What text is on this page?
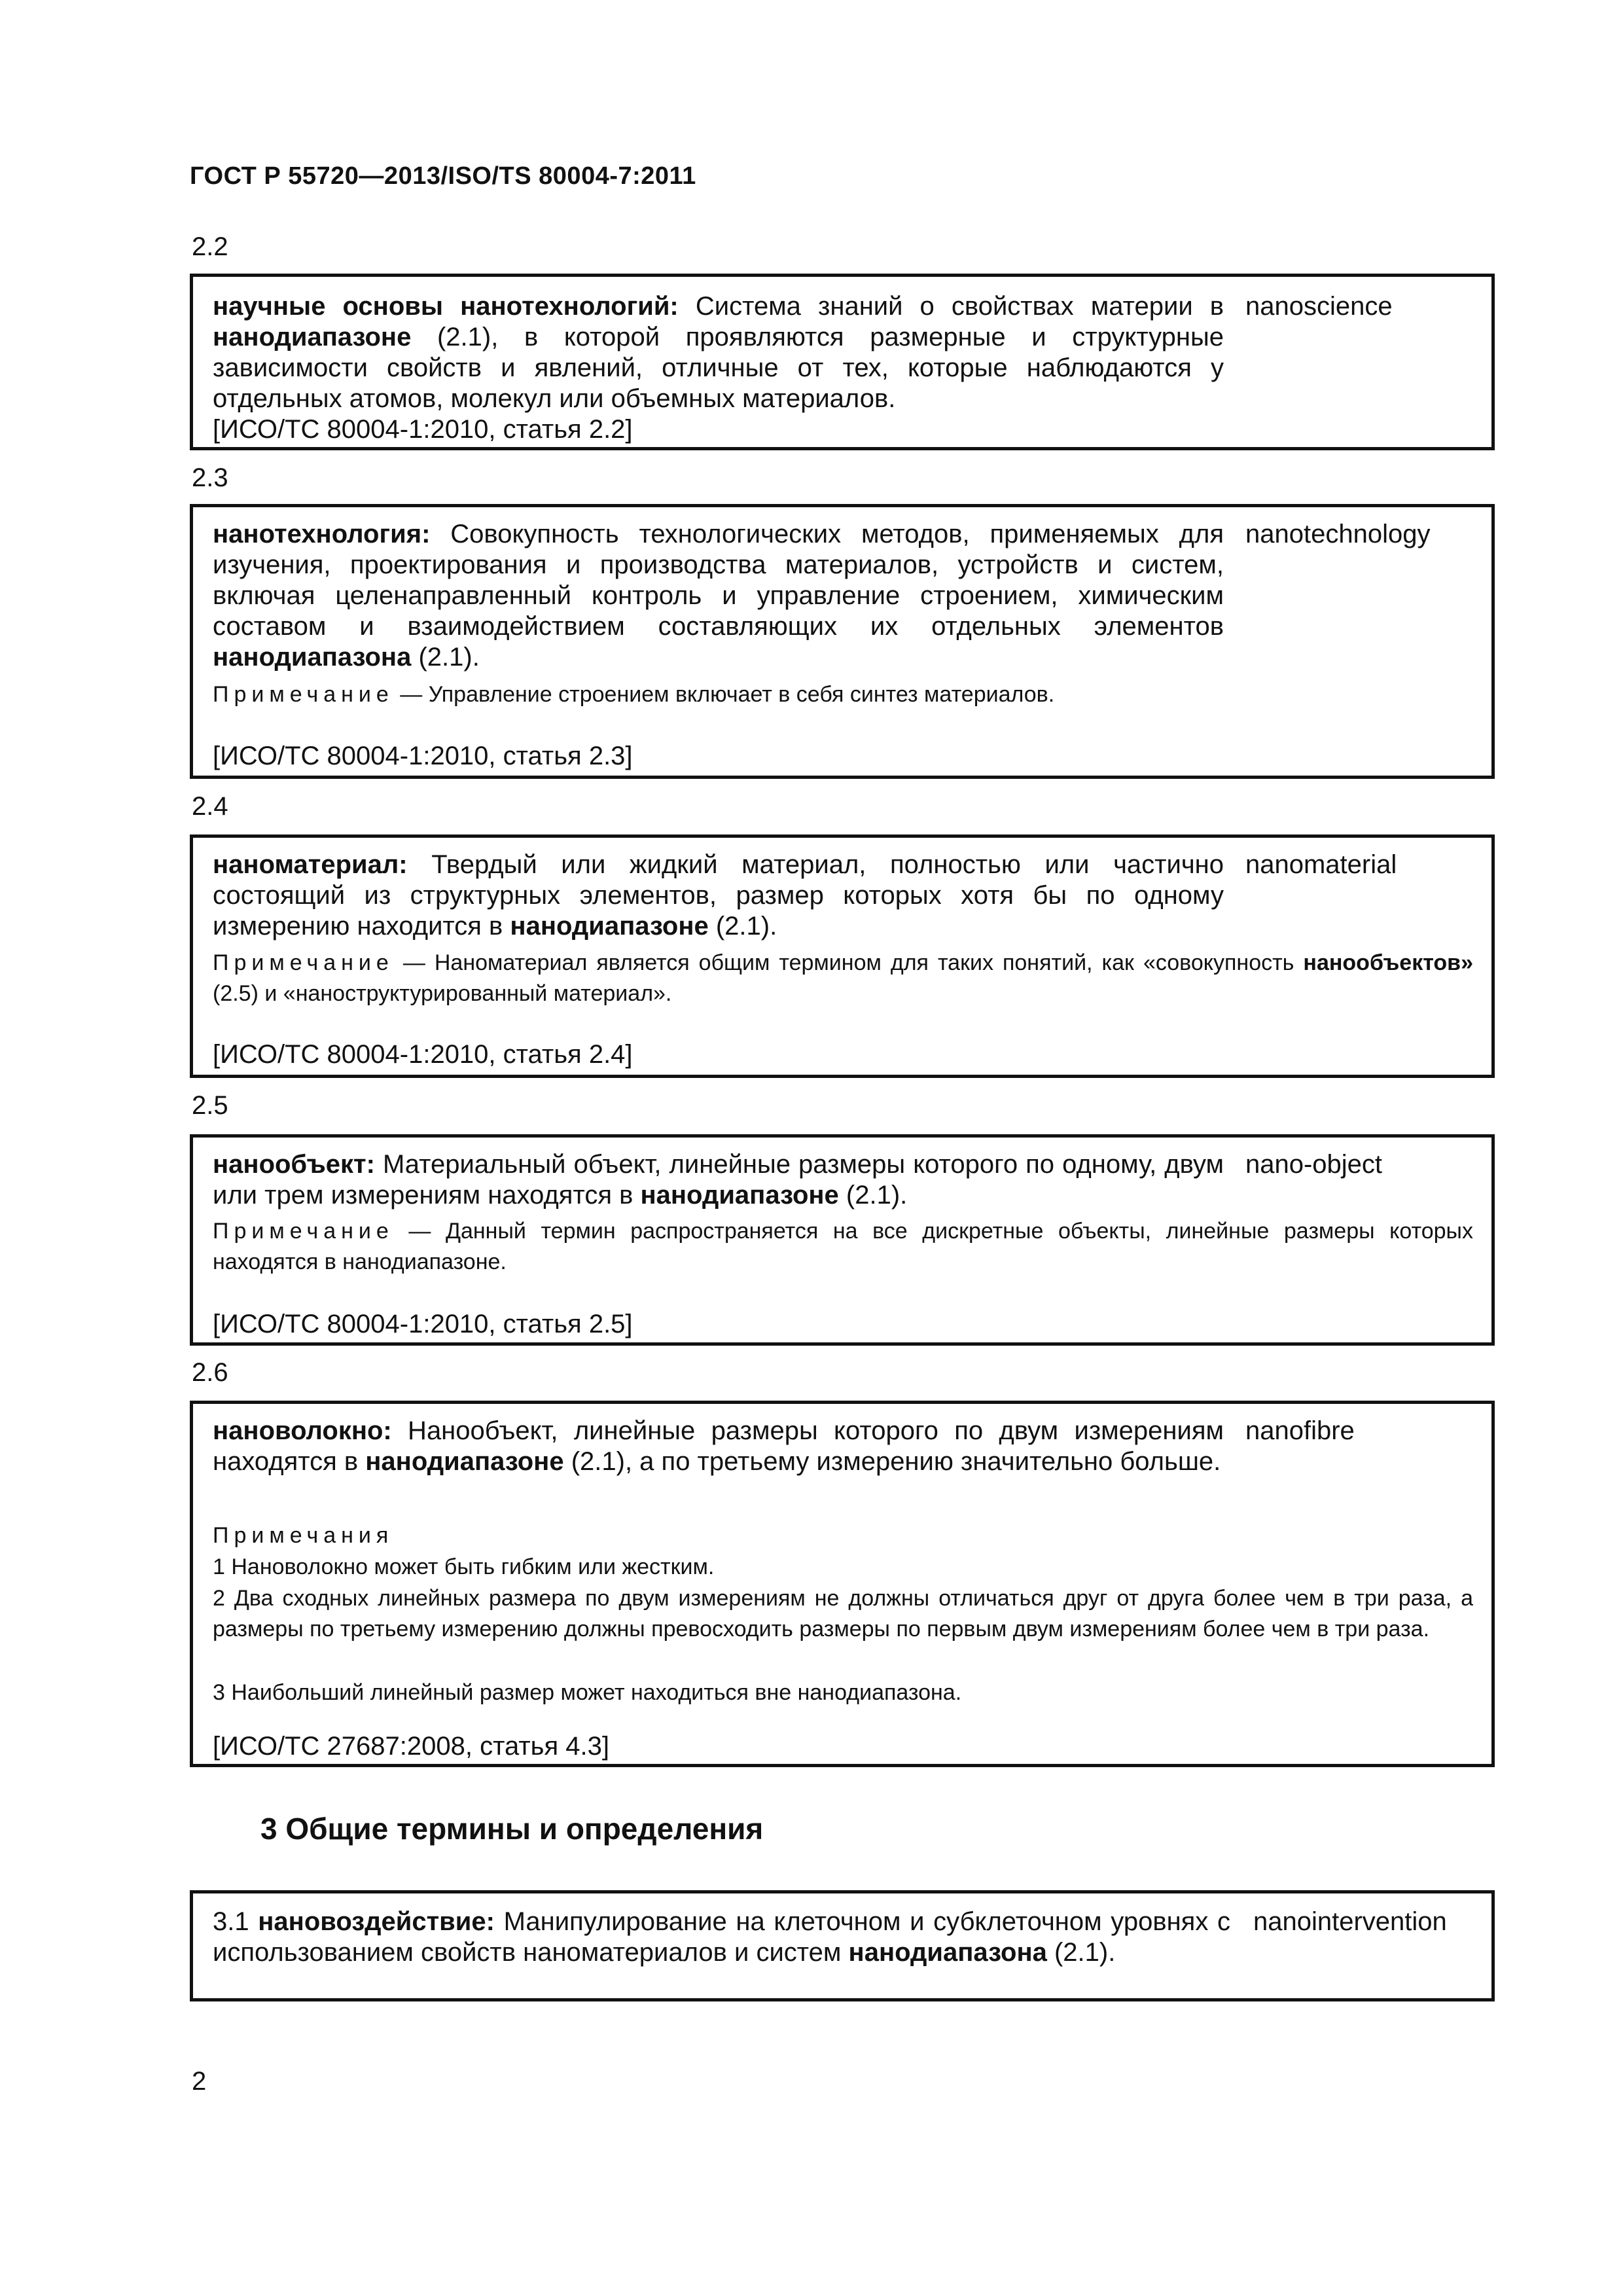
ГОСТ Р 55720—2013/ISO/TS 80004-7:2011
2.2
научные основы нанотехнологий: Система знаний о свойствах материи в нанодиапазоне (2.1), в которой проявляются размерные и структурные зависимости свойств и явлений, отличные от тех, которые наблюдаются у отдельных атомов, молекул или объемных материалов.
nanoscience
[ИСО/ТС 80004-1:2010, статья 2.2]
2.3
нанотехнология: Совокупность технологических методов, применяемых для изучения, проектирования и производства материалов, устройств и систем, включая целенаправленный контроль и управление строением, химическим составом и взаимодействием составляющих их отдельных элементов нанодиапазона (2.1).
nanotechnology
Примечание — Управление строением включает в себя синтез материалов.
[ИСО/ТС 80004-1:2010, статья 2.3]
2.4
наноматериал: Твердый или жидкий материал, полностью или частично состоящий из структурных элементов, размер которых хотя бы по одному измерению находится в нанодиапазоне (2.1).
nanomaterial
Примечание — Наноматериал является общим термином для таких понятий, как «совокупность нанообъектов» (2.5) и «наноструктурированный материал».
[ИСО/ТС 80004-1:2010, статья 2.4]
2.5
нанообъект: Материальный объект, линейные размеры которого по одному, двум или трем измерениям находятся в нанодиапазоне (2.1).
nano-object
Примечание — Данный термин распространяется на все дискретные объекты, линейные размеры которых находятся в нанодиапазоне.
[ИСО/ТС 80004-1:2010, статья 2.5]
2.6
нановолокно: Нанообъект, линейные размеры которого по двум измерениям находятся в нанодиапазоне (2.1), а по третьему измерению значительно больше.
nanofibre
Примечания
1 Нановолокно может быть гибким или жестким.
2 Два сходных линейных размера по двум измерениям не должны отличаться друг от друга более чем в три раза, а размеры по третьему измерению должны превосходить размеры по первым двум измерениям более чем в три раза.
3 Наибольший линейный размер может находиться вне нанодиапазона.
[ИСО/ТС 27687:2008, статья 4.3]
3 Общие термины и определения
3.1 нановоздействие: Манипулирование на клеточном и субклеточном уровнях с использованием свойств наноматериалов и систем нанодиапазона (2.1).
nanointervention
2
